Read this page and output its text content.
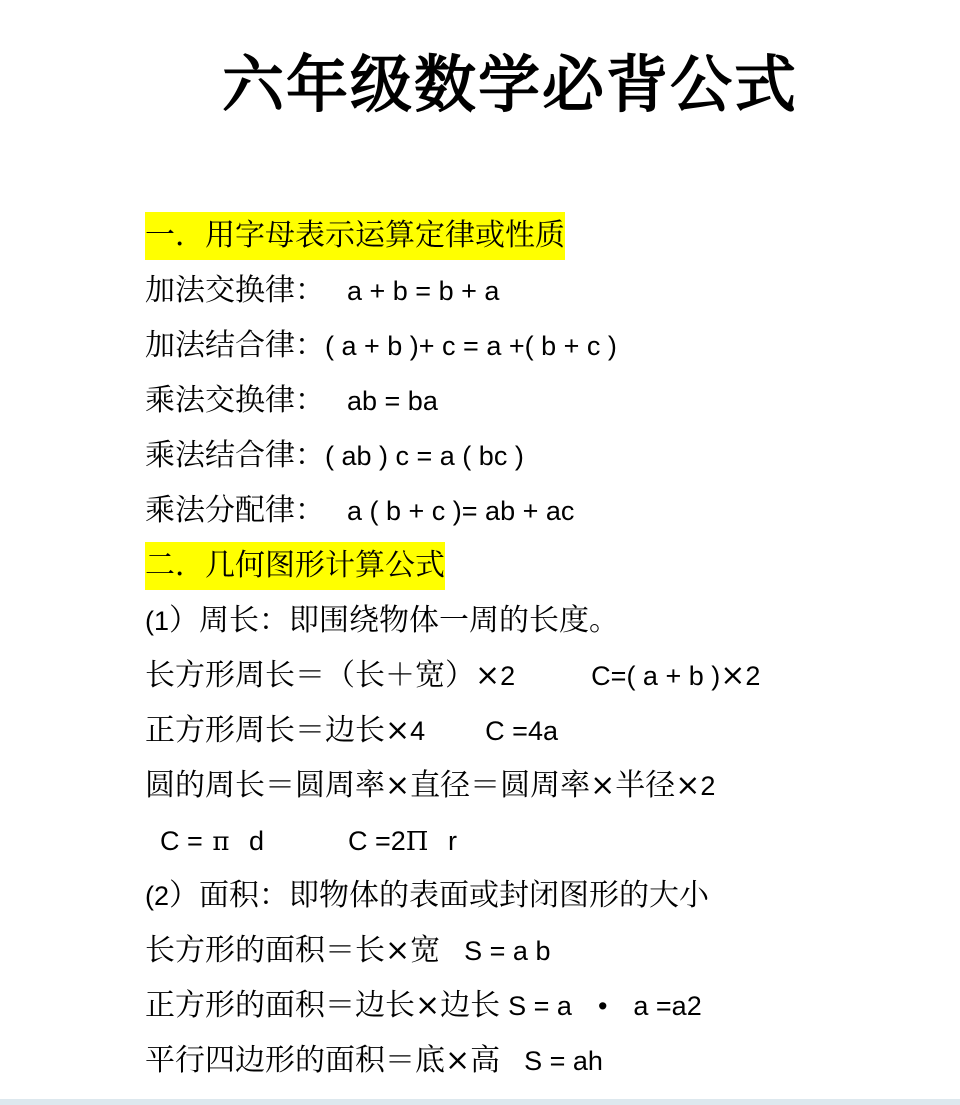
六年级数学必背公式
一．用字母表示运算定律或性质
加法交换律： a + b = b + a
加法结合律：( a + b )+ c = a +( b + c )
乘法交换律： ab = ba
乘法结合律：( ab ) c = a ( bc )
乘法分配律： a ( b + c )= ab + ac
二．几何图形计算公式
(1）周长：即围绕物体一周的长度。
长方形周长＝（长＋宽）×2	C=( a + b )×2
正方形周长＝边长×4 C =4a
圆的周长＝圆周率×直径＝圆周率×半径×2
C = π d	C =2Π r
(2）面积：即物体的表面或封闭图形的大小
长方形的面积＝长×宽 S = a b
正方形的面积＝边长×边长 S = a • a =a2
平行四边形的面积＝底×高 S = ah
